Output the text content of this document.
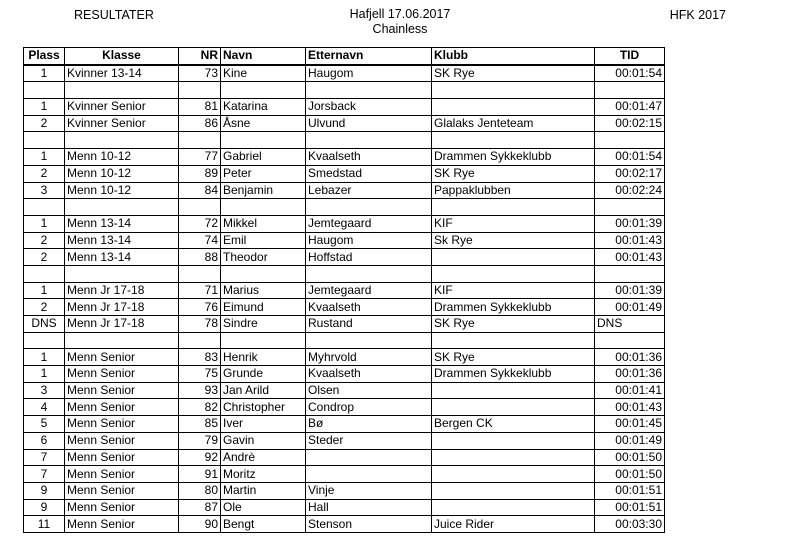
RESULTATER	Hafjell 17.06.2017
Chainless
HFK 2017
Plass	Klasse	NR	Navn	Etternavn	Klubb	TID
1	Kvinner 13-14	73	Kine	Haugom	SK Rye	00:01:54

1	Kvinner Senior	81	Katarina	Jorsback		00:01:47
2	Kvinner Senior	86	Åsne	Ulvund	Glalaks Jenteteam	00:02:15

1	Menn 10-12	77	Gabriel	Kvaalseth	Drammen Sykkeklubb	00:01:54
2	Menn 10-12	89	Peter	Smedstad	SK Rye	00:02:17
3	Menn 10-12	84	Benjamin	Lebazer	Pappaklubben	00:02:24

1	Menn 13-14	72	Mikkel	Jemtegaard	KIF	00:01:39
2	Menn 13-14	74	Emil	Haugom	Sk Rye	00:01:43
2	Menn 13-14	88	Theodor	Hoffstad		00:01:43

1	Menn Jr 17-18	71	Marius	Jemtegaard	KIF	00:01:39
2	Menn Jr 17-18	76	Eimund	Kvaalseth	Drammen Sykkeklubb	00:01:49
DNS	Menn Jr 17-18	78	Sindre	Rustand	SK Rye	DNS

1	Menn Senior	83	Henrik	Myhrvold	SK Rye	00:01:36
1	Menn Senior	75	Grunde	Kvaalseth	Drammen Sykkeklubb	00:01:36
3	Menn Senior	93	Jan Arild	Olsen		00:01:41
4	Menn Senior	82	Christopher	Condrop		00:01:43
5	Menn Senior	85	Iver	Bø	Bergen CK	00:01:45
6	Menn Senior	79	Gavin	Steder		00:01:49
7	Menn Senior	92	Andrè			00:01:50
7	Menn Senior	91	Moritz			00:01:50
9	Menn Senior	80	Martin	Vinje		00:01:51
9	Menn Senior	87	Ole	Hall		00:01:51
11	Menn Senior	90	Bengt	Stenson	Juice Rider	00:03:30
